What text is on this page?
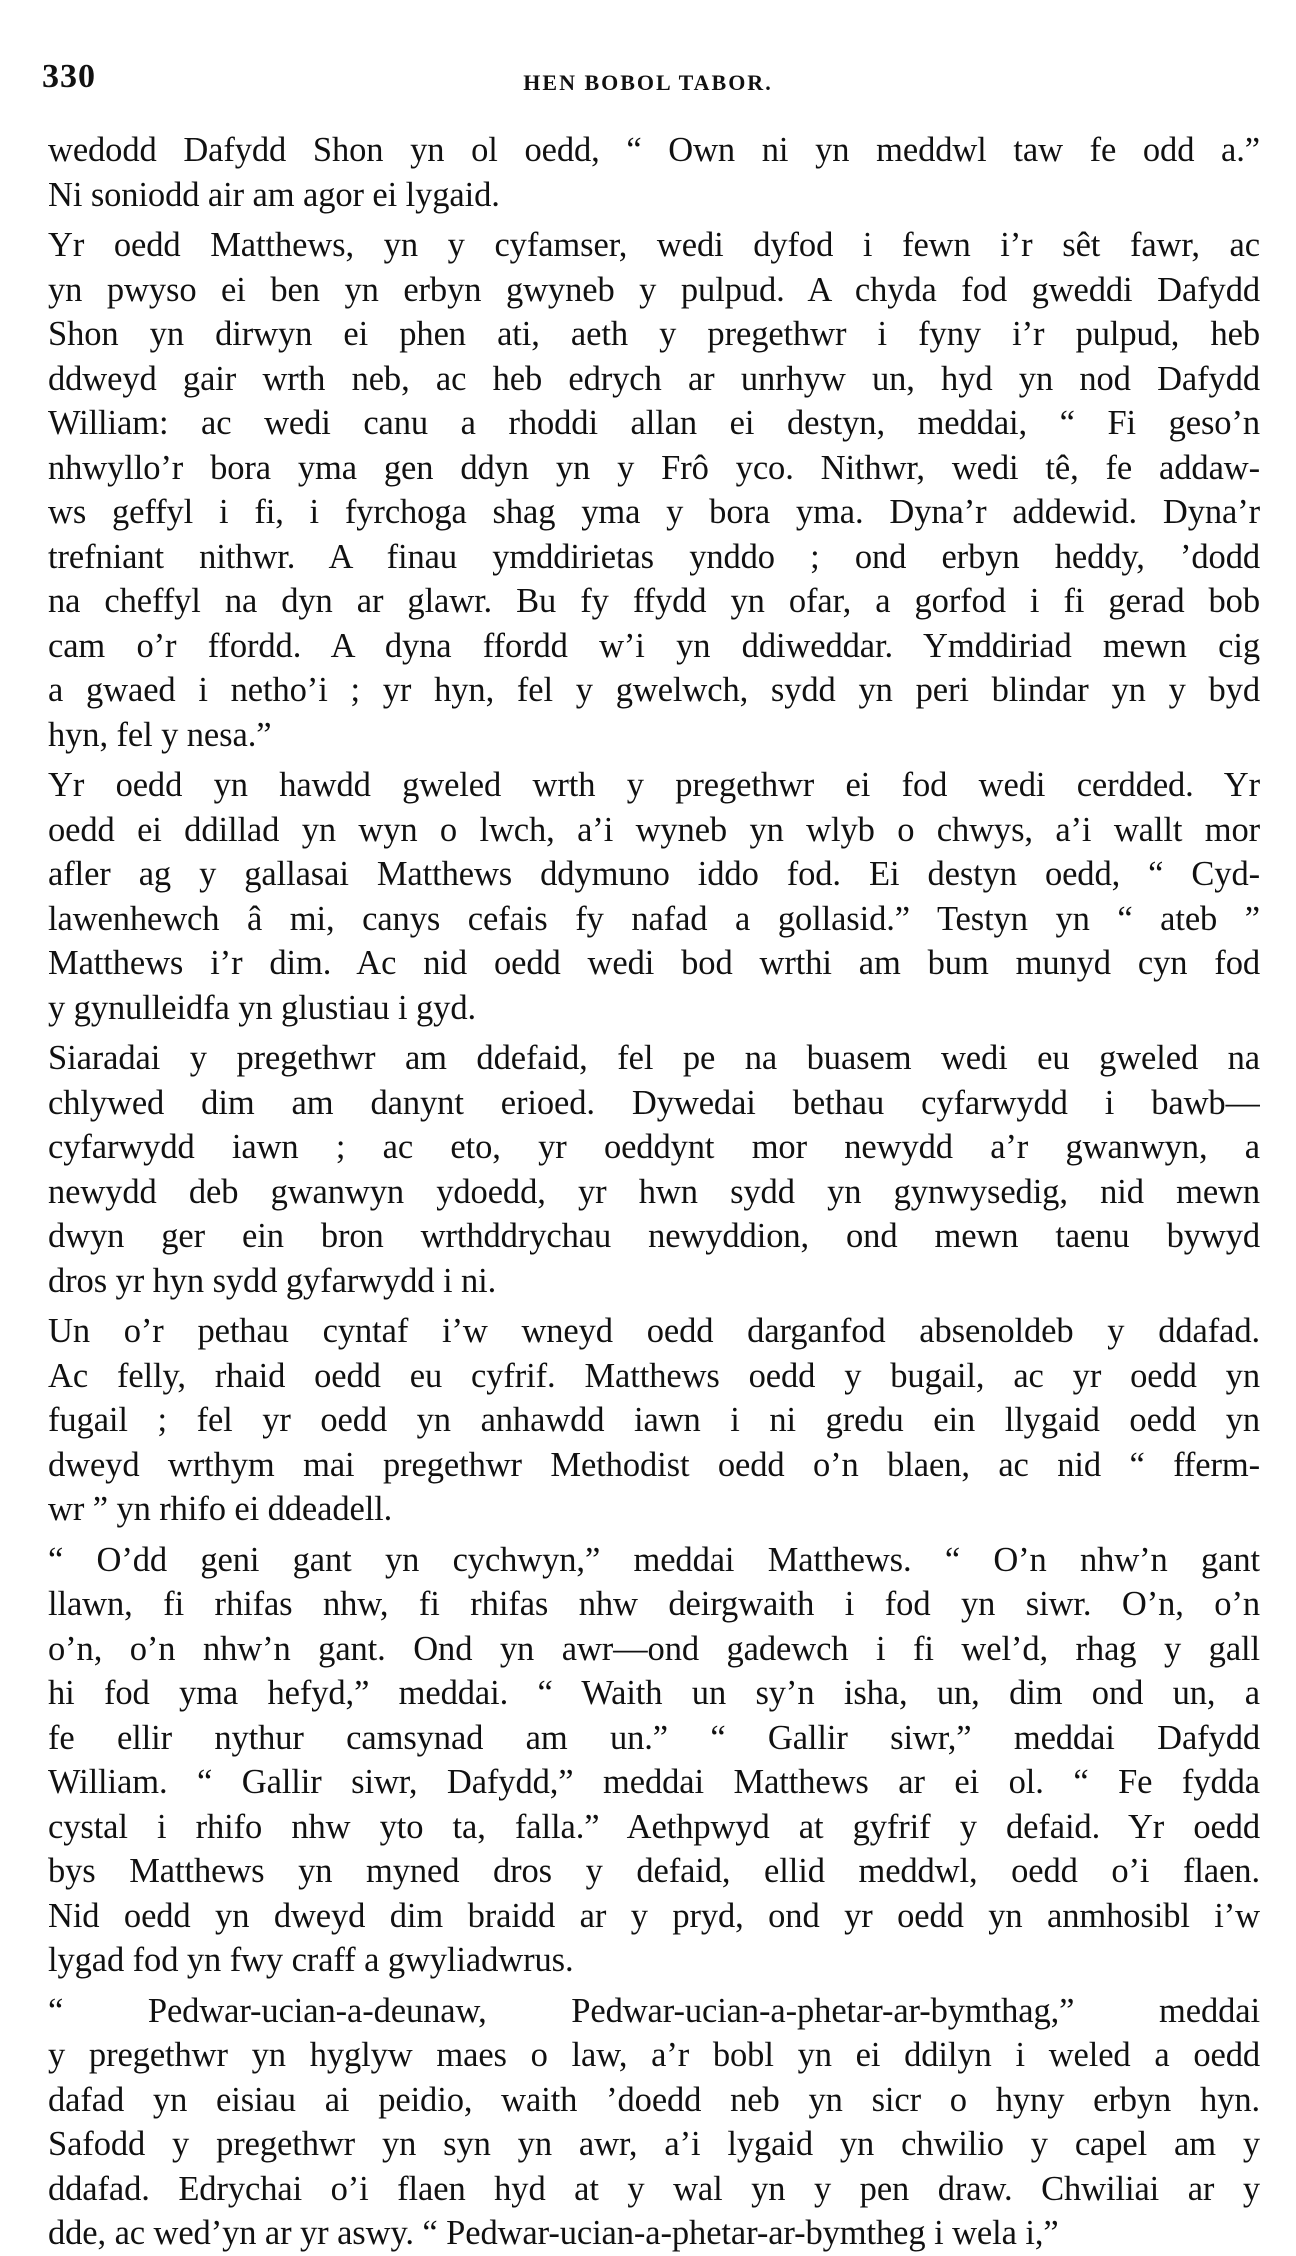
330	HEN BOBOL TABOR.
wedodd Dafydd Shon yn ol oedd, “ Own ni yn meddwl taw fe odd a.”
Ni soniodd air am agor ei lygaid.
Yr oedd Matthews, yn y cyfamser, wedi dyfod i fewn i’r sêt fawr, ac
yn pwyso ei ben yn erbyn gwyneb y pulpud. A chyda fod gweddi Dafydd
Shon yn dirwyn ei phen ati, aeth y pregethwr i fyny i’r pulpud, heb
ddweyd gair wrth neb, ac heb edrych ar unrhyw un, hyd yn nod Dafydd
William: ac wedi canu a rhoddi allan ei destyn, meddai, “ Fi geso’n
nhwyllo’r bora yma gen ddyn yn y Frô yco. Nithwr, wedi tê, fe addaw-
ws geffyl i fi, i fyrchoga shag yma y bora yma. Dyna’r addewid. Dyna’r
trefniant nithwr. A finau ymddirietas ynddo ; ond erbyn heddy, ’dodd
na cheffyl na dyn ar glawr. Bu fy ffydd yn ofar, a gorfod i fi gerad bob
cam o’r ffordd. A dyna ffordd w’i yn ddiweddar. Ymddiriad mewn cig
a gwaed i netho’i ; yr hyn, fel y gwelwch, sydd yn peri blindar yn y byd
hyn, fel y nesa.”
Yr oedd yn hawdd gweled wrth y pregethwr ei fod wedi cerdded. Yr
oedd ei ddillad yn wyn o lwch, a’i wyneb yn wlyb o chwys, a’i wallt mor
afler ag y gallasai Matthews ddymuno iddo fod. Ei destyn oedd, “ Cyd-
lawenhewch â mi, canys cefais fy nafad a gollasid.” Testyn yn “ ateb ”
Matthews i’r dim. Ac nid oedd wedi bod wrthi am bum munyd cyn fod
y gynulleidfa yn glustiau i gyd.
Siaradai y pregethwr am ddefaid, fel pe na buasem wedi eu gweled na
chlywed dim am danynt erioed. Dywedai bethau cyfarwydd i bawb—
cyfarwydd iawn ; ac eto, yr oeddynt mor newydd a’r gwanwyn, a
newydd deb gwanwyn ydoedd, yr hwn sydd yn gynwysedig, nid mewn
dwyn ger ein bron wrthddrychau newyddion, ond mewn taenu bywyd
dros yr hyn sydd gyfarwydd i ni.
Un o’r pethau cyntaf i’w wneyd oedd darganfod absenoldeb y ddafad.
Ac felly, rhaid oedd eu cyfrif. Matthews oedd y bugail, ac yr oedd yn
fugail ; fel yr oedd yn anhawdd iawn i ni gredu ein llygaid oedd yn
dweyd wrthym mai pregethwr Methodist oedd o’n blaen, ac nid “ fferm-
wr ” yn rhifo ei ddeadell.
“ O’dd geni gant yn cychwyn,” meddai Matthews. “ O’n nhw’n gant
llawn, fi rhifas nhw, fi rhifas nhw deirgwaith i fod yn siwr. O’n, o’n
o’n, o’n nhw’n gant. Ond yn awr—ond gadewch i fi wel’d, rhag y gall
hi fod yma hefyd,” meddai. “ Waith un sy’n isha, un, dim ond un, a
fe ellir nythur camsynad am un.” “ Gallir siwr,” meddai Dafydd
William. “ Gallir siwr, Dafydd,” meddai Matthews ar ei ol. “ Fe fydda
cystal i rhifo nhw yto ta, falla.” Aethpwyd at gyfrif y defaid. Yr oedd
bys Matthews yn myned dros y defaid, ellid meddwl, oedd o’i flaen.
Nid oedd yn dweyd dim braidd ar y pryd, ond yr oedd yn anmhosibl i’w
lygad fod yn fwy craff a gwyliadwrus.
“ Pedwar-ucian-a-deunaw, Pedwar-ucian-a-phetar-ar-bymthag,” meddai
y pregethwr yn hyglyw maes o law, a’r bobl yn ei ddilyn i weled a oedd
dafad yn eisiau ai peidio, waith ’doedd neb yn sicr o hyny erbyn hyn.
Safodd y pregethwr yn syn yn awr, a’i lygaid yn chwilio y capel am y
ddafad. Edrychai o’i flaen hyd at y wal yn y pen draw. Chwiliai ar y
dde, ac wed’yn ar yr aswy. “ Pedwar-ucian-a-phetar-ar-bymtheg i wela i,”
